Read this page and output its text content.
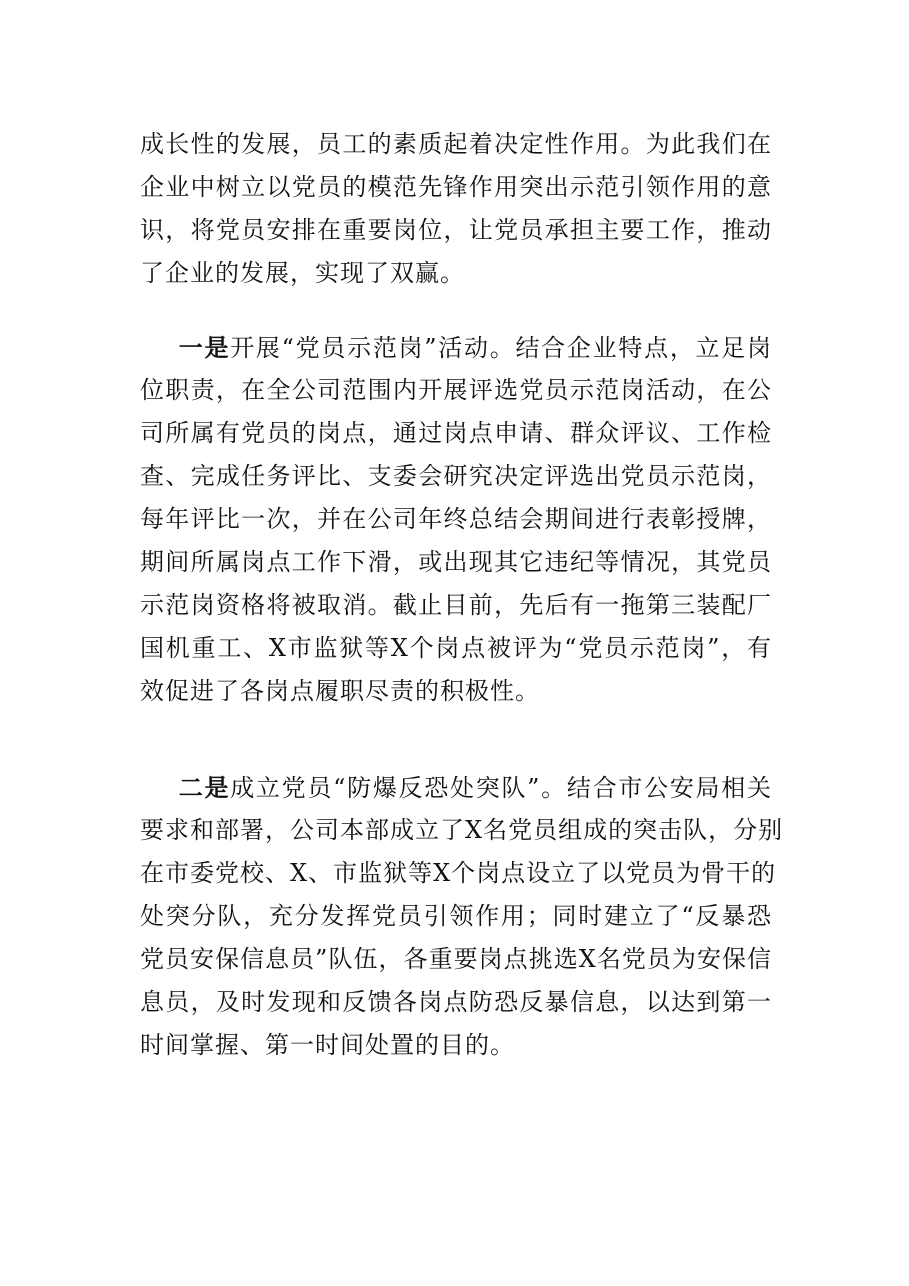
成长性的发展，员工的素质起着决定性作用。为此我们在
企业中树立以党员的模范先锋作用突出示范引领作用的意
识，将党员安排在重要岗位，让党员承担主要工作，推动
了企业的发展，实现了双赢。
一是开展“党员示范岗”活动。结合企业特点，立足岗
位职责，在全公司范围内开展评选党员示范岗活动，在公
司所属有党员的岗点，通过岗点申请、群众评议、工作检
查、完成任务评比、支委会研究决定评选出党员示范岗，
每年评比一次，并在公司年终总结会期间进行表彰授牌，
期间所属岗点工作下滑，或出现其它违纪等情况，其党员
示范岗资格将被取消。截止目前，先后有一拖第三装配厂
国机重工、X市监狱等X个岗点被评为“党员示范岗”，有
效促进了各岗点履职尽责的积极性。
二是成立党员“防爆反恐处突队”。结合市公安局相关
要求和部署，公司本部成立了X名党员组成的突击队，分别
在市委党校、X、市监狱等X个岗点设立了以党员为骨干的
处突分队，充分发挥党员引领作用；同时建立了“反暴恐
党员安保信息员”队伍，各重要岗点挑选X名党员为安保信
息员，及时发现和反馈各岗点防恐反暴信息，以达到第一
时间掌握、第一时间处置的目的。
